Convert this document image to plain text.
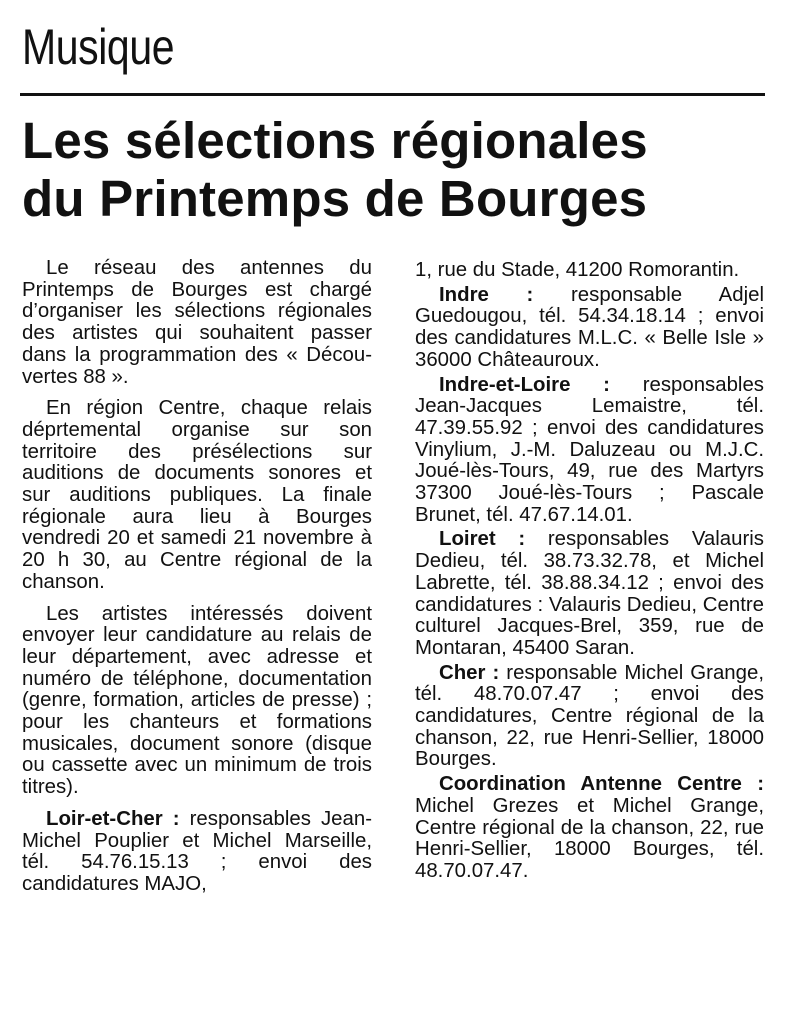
Musique
Les sélections régionales
du Printemps de Bourges

Le réseau des antennes du Printemps de Bourges est chargé d’organiser les sélections régionales des artistes qui souhaitent passer dans la programmation des « Découvertes 88 ».

En région Centre, chaque relais déprtemental organise sur son territoire des présélections sur auditions de documents sonores et sur auditions publiques. La finale régionale aura lieu à Bourges vendredi 20 et samedi 21 novembre à 20 h 30, au Centre régional de la chanson.

Les artistes intéressés doivent envoyer leur candidature au relais de leur département, avec adresse et numéro de téléphone, documentation (genre, formation, articles de presse) ; pour les chanteurs et formations musicales, document sonore (disque ou cassette avec un minimum de trois titres).

Loir-et-Cher : responsables Jean-Michel Pouplier et Michel Marseille, tél. 54.76.15.13 ; envoi des candidatures MAJO,

1, rue du Stade, 41200 Romorantin.

Indre : responsable Adjel Guedougou, tél. 54.34.18.14 ; envoi des candidatures M.L.C. « Belle Isle » 36000 Châteauroux.

Indre-et-Loire : responsables Jean-Jacques Lemaistre, tél. 47.39.55.92 ; envoi des candidatures Vinylium, J.-M. Daluzeau ou M.J.C. Joué-lès-Tours, 49, rue des Martyrs 37300 Joué-lès-Tours ; Pascale Brunet, tél. 47.67.14.01.

Loiret : responsables Valauris Dedieu, tél. 38.73.32.78, et Michel Labrette, tél. 38.88.34.12 ; envoi des candidatures : Valauris Dedieu, Centre culturel Jacques-Brel, 359, rue de Montaran, 45400 Saran.

Cher : responsable Michel Grange, tél. 48.70.07.47 ; envoi des candidatures, Centre régional de la chanson, 22, rue Henri-Sellier, 18000 Bourges.

Coordination Antenne Centre : Michel Grezes et Michel Grange, Centre régional de la chanson, 22, rue Henri-Sellier, 18000 Bourges, tél. 48.70.07.47.
